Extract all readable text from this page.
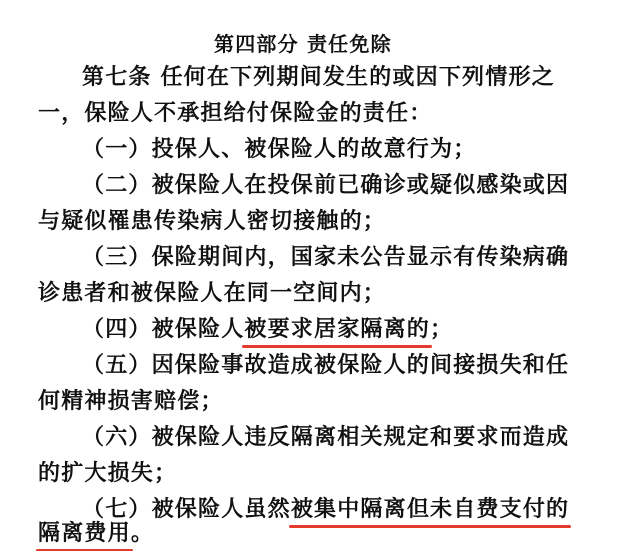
第四部分 责任免除
第七条 任何在下列期间发生的或因下列情形之
一，保险人不承担给付保险金的责任：
（一）投保人、被保险人的故意行为；
（二）被保险人在投保前已确诊或疑似感染或因
与疑似罹患传染病人密切接触的；
（三）保险期间内，国家未公告显示有传染病确
诊患者和被保险人在同一空间内；
（四）被保险人被要求居家隔离的；
（五）因保险事故造成被保险人的间接损失和任
何精神损害赔偿；
（六）被保险人违反隔离相关规定和要求而造成
的扩大损失；
（七）被保险人虽然被集中隔离但未自费支付的
隔离费用。
